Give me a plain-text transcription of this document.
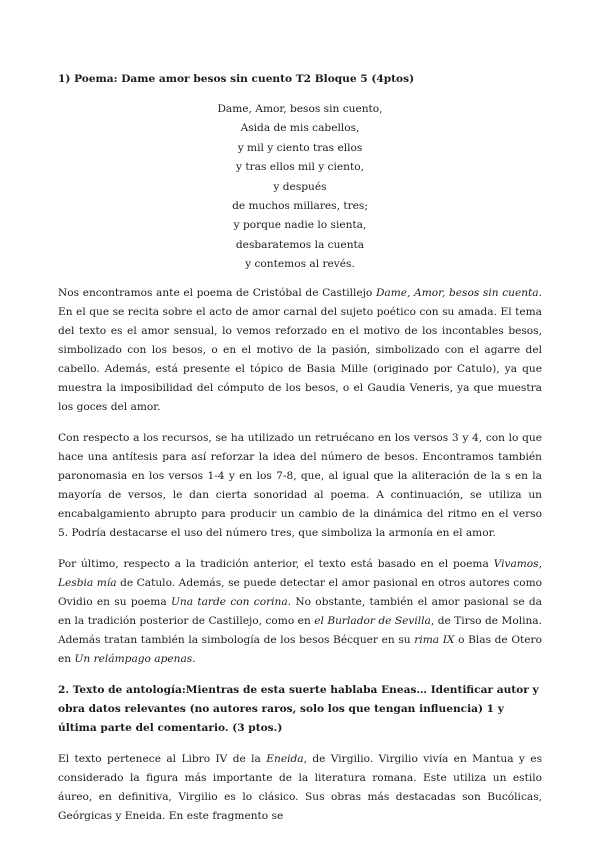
1) Poema: Dame amor besos sin cuento T2 Bloque 5 (4ptos)
Dame, Amor, besos sin cuento,
Asida de mis cabellos,
y mil y ciento tras ellos
y tras ellos mil y ciento,
y después
de muchos millares, tres;
y porque nadie lo sienta,
desbaratemos la cuenta
y contemos al revés.

Nos encontramos ante el poema de Cristóbal de Castillejo Dame, Amor, besos sin cuenta. En el que se recita sobre el acto de amor carnal del sujeto poético con su amada. El tema del texto es el amor sensual, lo vemos reforzado en el motivo de los incontables besos, simbolizado con los besos, o en el motivo de la pasión, simbolizado con el agarre del cabello. Además, está presente el tópico de Basia Mille (originado por Catulo), ya que muestra la imposibilidad del cómputo de los besos, o el Gaudia Veneris, ya que muestra los goces del amor.

Con respecto a los recursos, se ha utilizado un retruécano en los versos 3 y 4, con lo que hace una antítesis para así reforzar la idea del número de besos. Encontramos también paronomasia en los versos 1-4 y en los 7-8, que, al igual que la aliteración de la s en la mayoría de versos, le dan cierta sonoridad al poema. A continuación, se utiliza un encabalgamiento abrupto para producir un cambio de la dinámica del ritmo en el verso 5. Podría destacarse el uso del número tres, que simboliza la armonía en el amor.

Por último, respecto a la tradición anterior, el texto está basado en el poema Vivamos, Lesbia mía de Catulo. Además, se puede detectar el amor pasional en otros autores como Ovidio en su poema Una tarde con corina. No obstante, también el amor pasional se da en la tradición posterior de Castillejo, como en el Burlador de Sevilla, de Tirso de Molina. Además tratan también la simbología de los besos Bécquer en su rima IX o Blas de Otero en Un relámpago apenas.

2. Texto de antología:Mientras de esta suerte hablaba Eneas… Identificar autor y obra datos relevantes (no autores raros, solo los que tengan influencia) 1 y última parte del comentario. (3 ptos.)

El texto pertenece al Libro IV de la Eneida, de Virgilio. Virgilio vivía en Mantua y es considerado la figura más importante de la literatura romana. Este utiliza un estilo áureo, en definitiva, Virgilio es lo clásico. Sus obras más destacadas son Bucólicas, Geórgicas y Eneida. En este fragmento se
